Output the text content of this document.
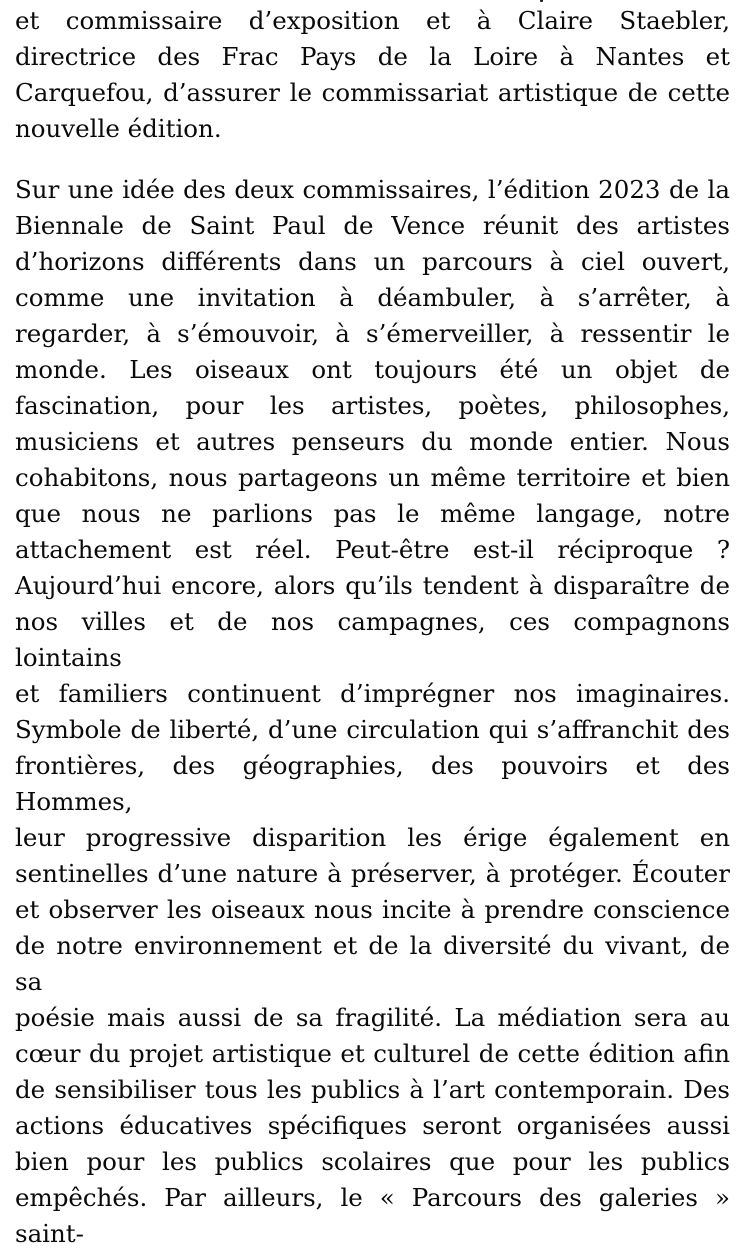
et commissaire d’exposition et à Claire Staebler,
directrice des Frac Pays de la Loire à Nantes et
Carquefou, d’assurer le commissariat artistique de cette
nouvelle édition.
Sur une idée des deux commissaires, l’édition 2023 de la
Biennale de Saint Paul de Vence réunit des artistes
d’horizons différents dans un parcours à ciel ouvert,
comme une invitation à déambuler, à s’arrêter, à
regarder, à s’émouvoir, à s’émerveiller, à ressentir le
monde. Les oiseaux ont toujours été un objet de
fascination, pour les artistes, poètes, philosophes,
musiciens et autres penseurs du monde entier. Nous
cohabitons, nous partageons un même territoire et bien
que nous ne parlions pas le même langage, notre
attachement est réel. Peut-être est-il réciproque ?
Aujourd’hui encore, alors qu’ils tendent à disparaître de
nos villes et de nos campagnes, ces compagnons lointains
et familiers continuent d’imprégner nos imaginaires.
Symbole de liberté, d’une circulation qui s’affranchit des
frontières, des géographies, des pouvoirs et des Hommes,
leur progressive disparition les érige également en
sentinelles d’une nature à préserver, à protéger. Écouter
et observer les oiseaux nous incite à prendre conscience
de notre environnement et de la diversité du vivant, de sa
poésie mais aussi de sa fragilité. La médiation sera au
cœur du projet artistique et culturel de cette édition afin
de sensibiliser tous les publics à l’art contemporain. Des
actions éducatives spécifiques seront organisées aussi
bien pour les publics scolaires que pour les publics
empêchés. Par ailleurs, le « Parcours des galeries » saint-
